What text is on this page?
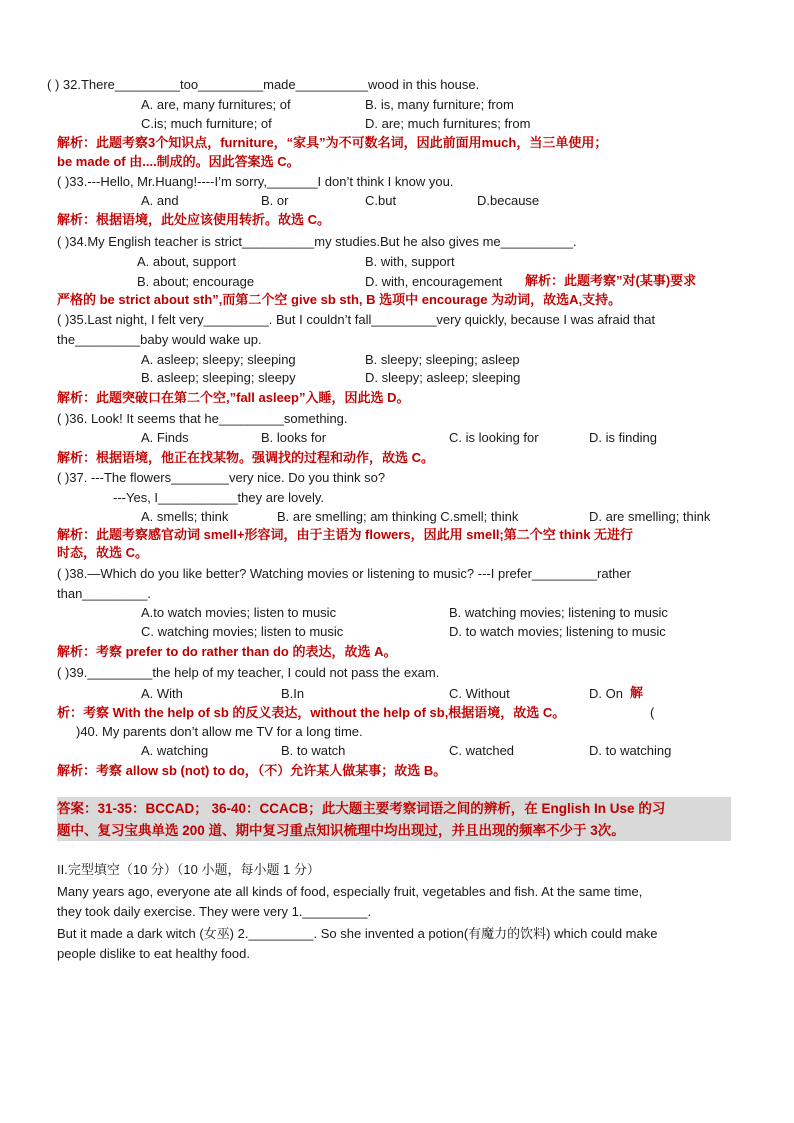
( ) 32.There_________too_________made__________wood in this house.
A. are, many furnitures; of	B. is, many furniture; from
C.is; much furniture; of	D. are; much furnitures; from
解析：此题考察3个知识点，furniture，“家具”为不可数名词，因此前面用much，当三单使用；
be made of 由....制成的。因此答案选 C。
( )33.---Hello, Mr.Huang!----I’m sorry,_______I don’t think I know you.
A. and	B. or	C.but	D.because
解析：根据语境，此处应该使用转折。故选 C。
( )34.My English teacher is strict__________my studies.But he also gives me__________.
A. about, support	B. with, support
B. about; encourage	D. with, encouragement 解析：此题考察”对(某事)要求
严格的 be strict about sth”,而第二个空 give sb sth, B 选项中 encourage 为动词，故选A,支持。
( )35.Last night, I felt very_________. But I couldn’t fall_________very quickly, because I was afraid that
the_________baby would wake up.
A. asleep; sleepy; sleeping	B. sleepy; sleeping; asleep
B. asleep; sleeping; sleepy	D. sleepy; asleep; sleeping
解析：此题突破口在第二个空,”fall asleep”入睡，因此选 D。
( )36. Look! It seems that he_________something.
A. Finds	B. looks for	C. is looking for	D. is finding
解析：根据语境，他正在找某物。强调找的过程和动作，故选 C。
( )37. ---The flowers________very nice. Do you think so?
---Yes, I___________they are lovely.
A. smells; think	B. are smelling; am thinking C.smell; think	D. are smelling; think
解析：此题考察感官动词 smell+形容词，由于主语为 flowers，因此用 smell;第二个空 think 无进行
时态，故选 C。
( )38.—Which do you like better? Watching movies or listening to music? ---I prefer_________rather
than_________.
A.to watch movies; listen to music	B. watching movies; listening to music
C. watching movies; listen to music	D. to watch movies; listening to music
解析：考察 prefer to do rather than do 的表达，故选 A。
( )39._________the help of my teacher, I could not pass the exam.
A. With	B.In	C. Without	D. On 解
析：考察 With the help of sb 的反义表达，without the help of sb,根据语境，故选 C。	(
)40. My parents don’t allow me TV for a long time.
A. watching	B. to watch	C. watched	D. to watching
解析：考察 allow sb (not) to do，（不）允许某人做某事；故选 B。
答案：31-35：BCCAD； 36-40：CCACB；此大题主要考察词语之间的辨析，在 English In Use 的习
题中、复习宝典单选 200 道、期中复习重点知识梳理中均出现过，并且出现的频率不少于 3次。
II.完型填空（10 分）（10 小题，每小题 1 分）
Many years ago, everyone ate all kinds of food, especially fruit, vegetables and fish. At the same time,
they took daily exercise. They were very 1._________.
But it made a dark witch (女巫) 2._________. So she invented a potion(有魔力的饮料) which could make
people dislike to eat healthy food.
